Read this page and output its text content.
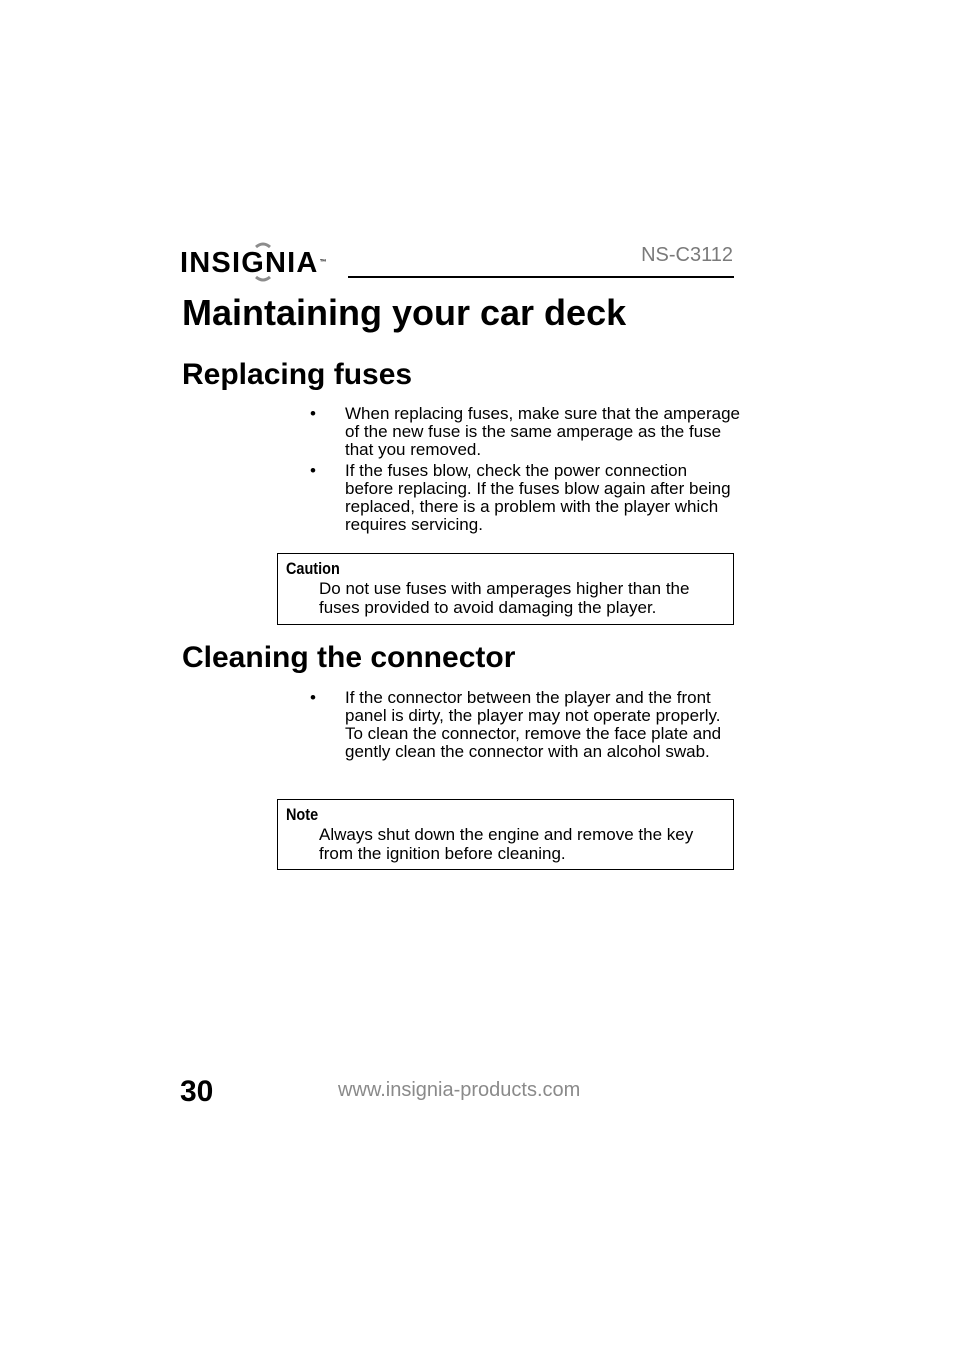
INSIGNIA™	NS-C3112
Maintaining your car deck
Replacing fuses
•	When replacing fuses, make sure that the amperage of the new fuse is the same amperage as the fuse that you removed.
•	If the fuses blow, check the power connection before replacing. If the fuses blow again after being replaced, there is a problem with the player which requires servicing.
Caution

Do not use fuses with amperages higher than the fuses provided to avoid damaging the player.

Cleaning the connector
•	If the connector between the player and the front panel is dirty, the player may not operate properly. To clean the connector, remove the face plate and gently clean the connector with an alcohol swab.
Note

Always shut down the engine and remove the key from the ignition before cleaning.

30	www.insignia-products.com
